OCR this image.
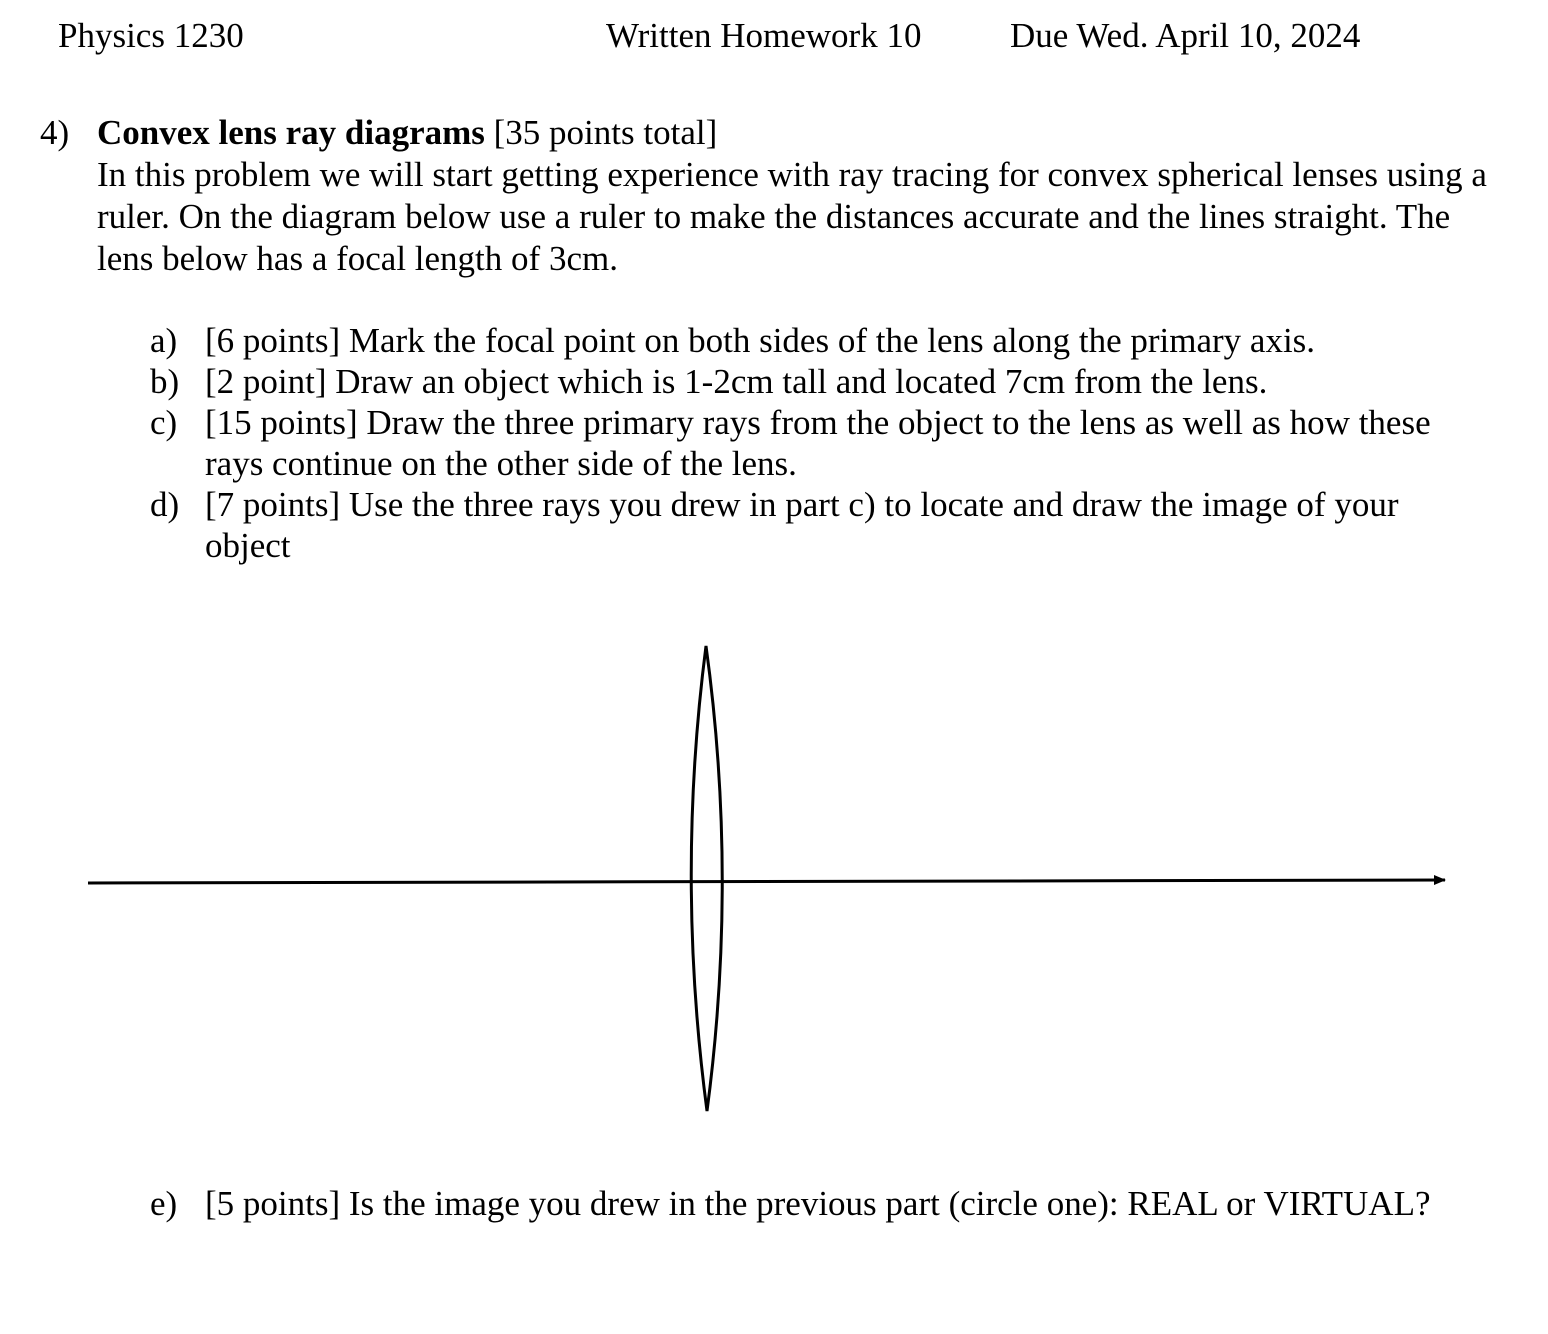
Physics 1230	Written Homework 10	Due Wed. April 10, 2024
4) Convex lens ray diagrams [35 points total]

In this problem we will start getting experience with ray tracing for convex spherical lenses using a ruler. On the diagram below use a ruler to make the distances accurate and the lines straight. The lens below has a focal length of 3cm.

a) [6 points] Mark the focal point on both sides of the lens along the primary axis.
b) [2 point] Draw an object which is 1-2cm tall and located 7cm from the lens.
c) [15 points] Draw the three primary rays from the object to the lens as well as how these rays continue on the other side of the lens.
d) [7 points] Use the three rays you drew in part c) to locate and draw the image of your object
e) [5 points] Is the image you drew in the previous part (circle one): REAL or VIRTUAL?
